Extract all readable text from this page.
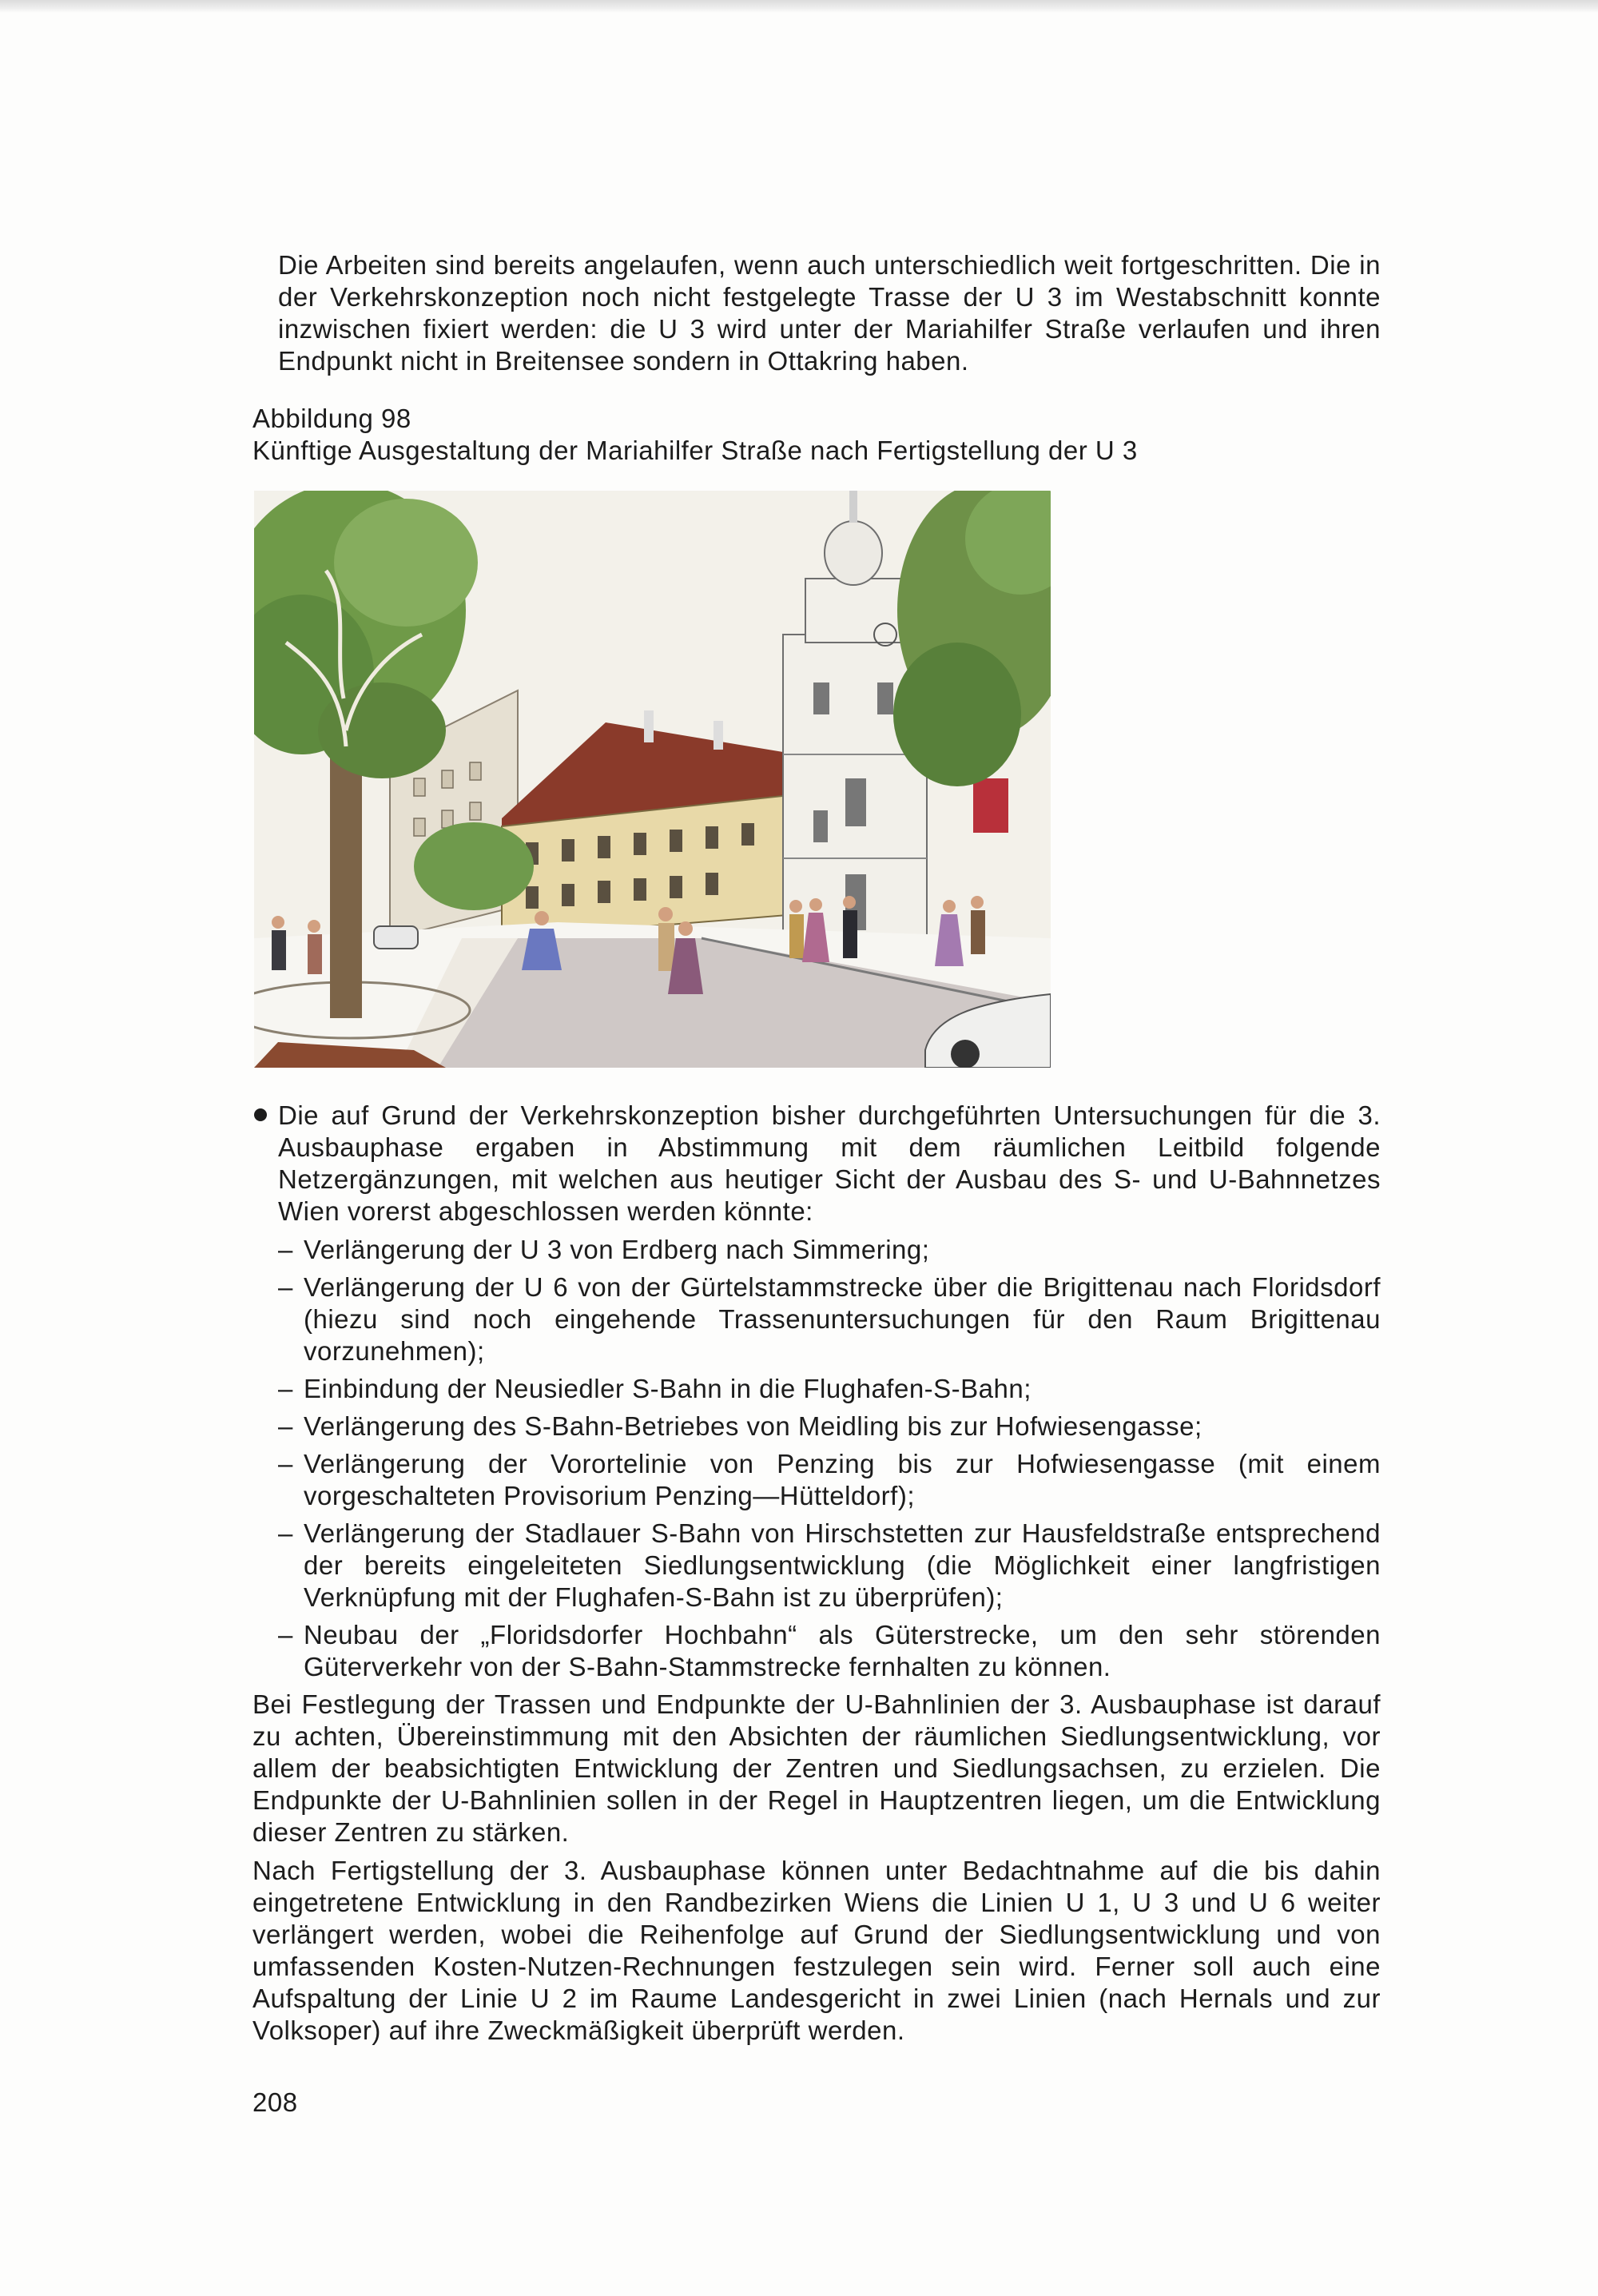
Die Arbeiten sind bereits angelaufen, wenn auch unterschiedlich weit fortgeschritten. Die in der Verkehrskonzeption noch nicht festgelegte Trasse der U 3 im Westabschnitt konnte inzwischen fixiert werden: die U 3 wird unter der Mariahilfer Straße verlaufen und ihren Endpunkt nicht in Breitensee sondern in Ottakring haben.

Abbildung 98
Künftige Ausgestaltung der Mariahilfer Straße nach Fertigstellung der U 3
Die auf Grund der Verkehrskonzeption bisher durchgeführten Untersuchungen für die 3. Ausbauphase ergaben in Abstimmung mit dem räumlichen Leitbild folgende Netzergänzungen, mit welchen aus heutiger Sicht der Ausbau des S- und U-Bahnnetzes Wien vorerst abgeschlossen werden könnte:
– Verlängerung der U 3 von Erdberg nach Simmering;
– Verlängerung der U 6 von der Gürtelstammstrecke über die Brigittenau nach Floridsdorf (hiezu sind noch eingehende Trassenuntersuchungen für den Raum Brigittenau vorzunehmen);
– Einbindung der Neusiedler S-Bahn in die Flughafen-S-Bahn;
– Verlängerung des S-Bahn-Betriebes von Meidling bis zur Hofwiesengasse;
– Verlängerung der Vorortelinie von Penzing bis zur Hofwiesengasse (mit einem vorgeschalteten Provisorium Penzing—Hütteldorf);
– Verlängerung der Stadlauer S-Bahn von Hirschstetten zur Hausfeldstraße entsprechend der bereits eingeleiteten Siedlungsentwicklung (die Möglichkeit einer langfristigen Verknüpfung mit der Flughafen-S-Bahn ist zu überprüfen);
– Neubau der „Floridsdorfer Hochbahn“ als Güterstrecke, um den sehr störenden Güterverkehr von der S-Bahn-Stammstrecke fernhalten zu können.

Bei Festlegung der Trassen und Endpunkte der U-Bahnlinien der 3. Ausbauphase ist darauf zu achten, Übereinstimmung mit den Absichten der räumlichen Siedlungsentwicklung, vor allem der beabsichtigten Entwicklung der Zentren und Siedlungsachsen, zu erzielen. Die Endpunkte der U-Bahnlinien sollen in der Regel in Hauptzentren liegen, um die Entwicklung dieser Zentren zu stärken.

Nach Fertigstellung der 3. Ausbauphase können unter Bedachtnahme auf die bis dahin eingetretene Entwicklung in den Randbezirken Wiens die Linien U 1, U 3 und U 6 weiter verlängert werden, wobei die Reihenfolge auf Grund der Siedlungsentwicklung und von umfassenden Kosten-Nutzen-Rechnungen festzulegen sein wird. Ferner soll auch eine Aufspaltung der Linie U 2 im Raume Landesgericht in zwei Linien (nach Hernals und zur Volksoper) auf ihre Zweckmäßigkeit überprüft werden.

208
